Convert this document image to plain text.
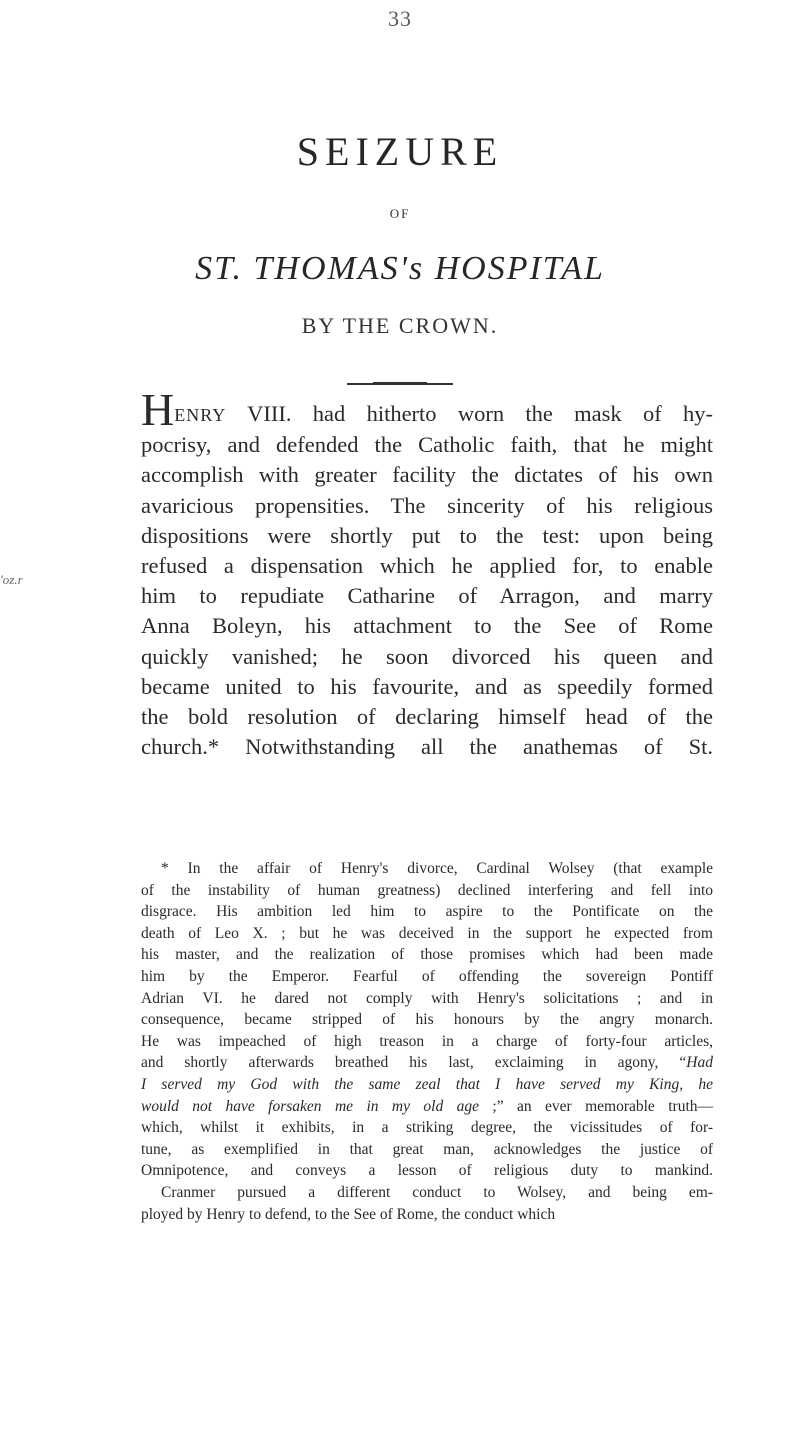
33
SEIZURE
OF
ST. THOMAS's HOSPITAL
BY THE CROWN.
'oz.r
HENRY VIII. had hitherto worn the mask of hy-
pocrisy, and defended the Catholic faith, that he might
accomplish with greater facility the dictates of his own
avaricious propensities. The sincerity of his religious
dispositions were shortly put to the test: upon being
refused a dispensation which he applied for, to enable
him to repudiate Catharine of Arragon, and marry
Anna Boleyn, his attachment to the See of Rome
quickly vanished; he soon divorced his queen and
became united to his favourite, and as speedily formed
the bold resolution of declaring himself head of the
church.* Notwithstanding all the anathemas of St.
* In the affair of Henry's divorce, Cardinal Wolsey (that example
of the instability of human greatness) declined interfering and fell into
disgrace. His ambition led him to aspire to the Pontificate on the
death of Leo X. ; but he was deceived in the support he expected from
his master, and the realization of those promises which had been made
him by the Emperor. Fearful of offending the sovereign Pontiff
Adrian VI. he dared not comply with Henry's solicitations ; and in
consequence, became stripped of his honours by the angry monarch.
He was impeached of high treason in a charge of forty-four articles,
and shortly afterwards breathed his last, exclaiming in agony, “Had
I served my God with the same zeal that I have served my King, he
would not have forsaken me in my old age ;” an ever memorable truth—
which, whilst it exhibits, in a striking degree, the vicissitudes of for-
tune, as exemplified in that great man, acknowledges the justice of
Omnipotence, and conveys a lesson of religious duty to mankind.
Cranmer pursued a different conduct to Wolsey, and being em-
ployed by Henry to defend, to the See of Rome, the conduct which
